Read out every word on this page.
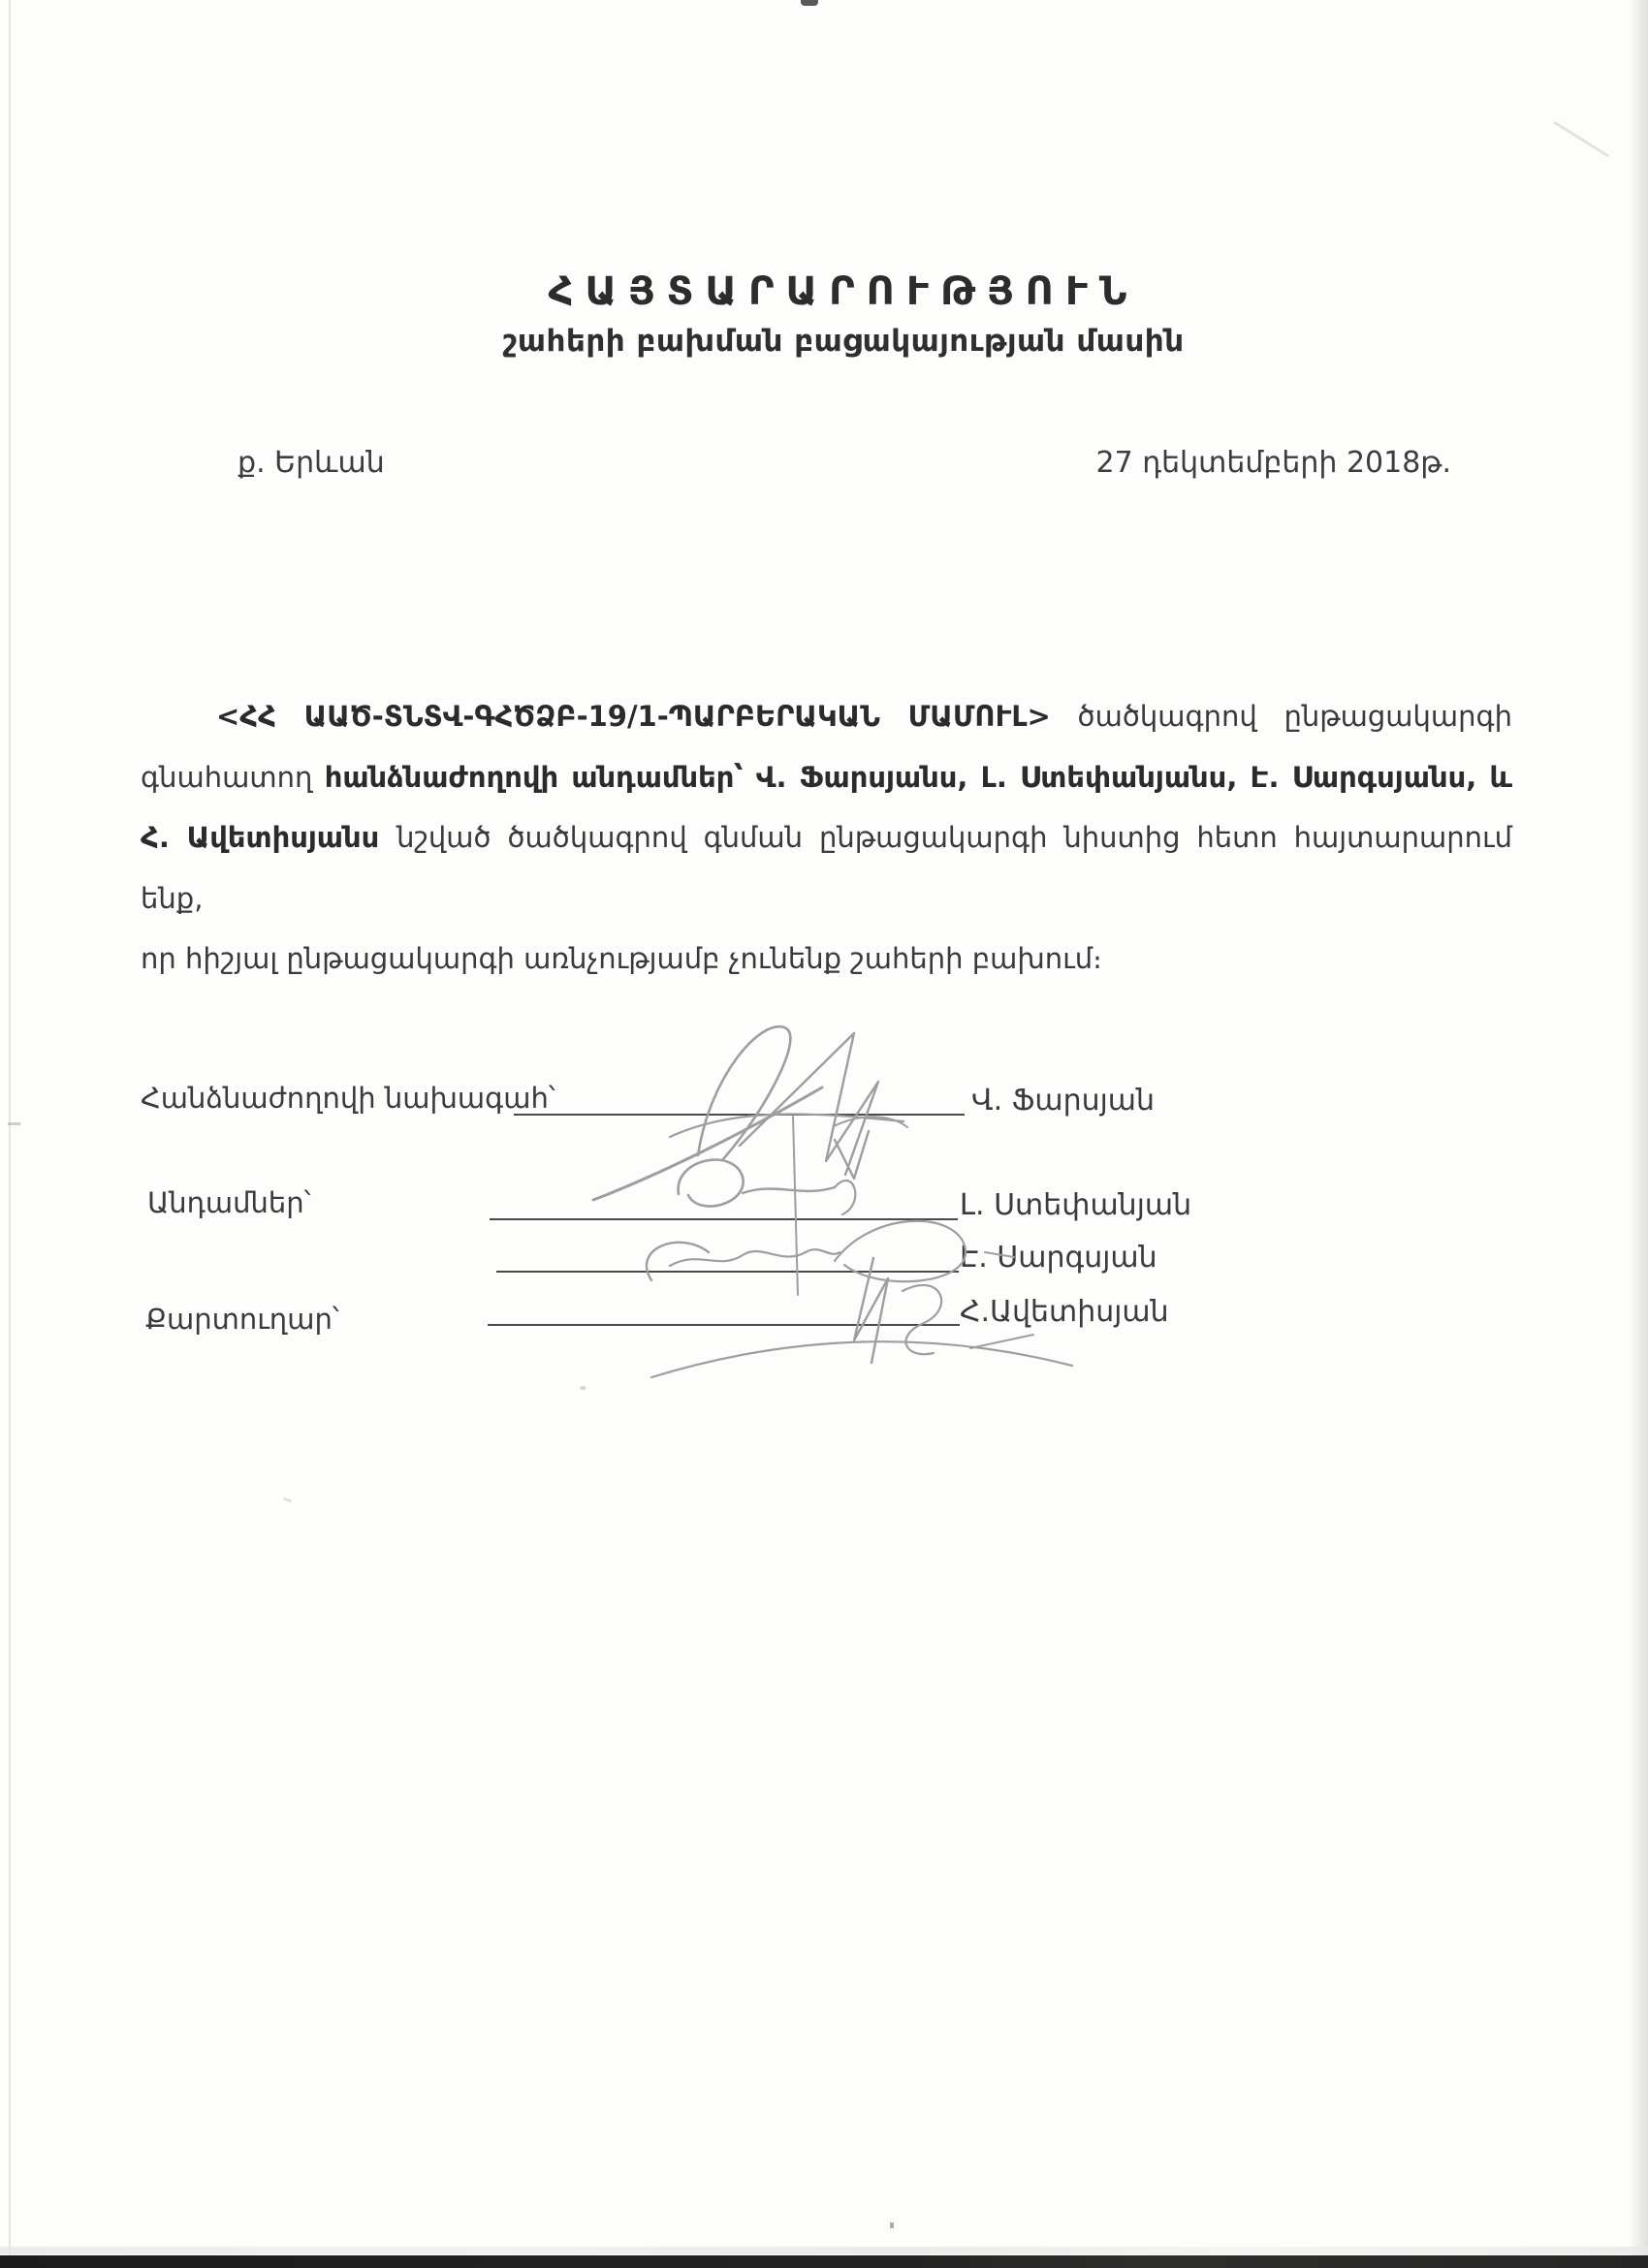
ՀԱՅՏԱՐԱՐՈՒԹՅՈՒՆ
շահերի բախման բացակայության մասին
ք. Երևան	27 դեկտեմբերի 2018թ.
<ՀՀ ԱԱԾ-ՏՆՏՎ-ԳՀԾՁԲ-19/1-ՊԱՐԲԵՐԱԿԱՆ ՄԱՄՈՒԼ> ծածկագրով ընթացակարգի
գնահատող հանձնաժողովի անդամներ՝ Վ. Ֆարսյանս, Լ. Ստեփանյանս, Է. Սարգսյանս, և
Հ. Ավետիսյանս նշված ծածկագրով գնման ընթացակարգի նիստից հետո հայտարարում ենք,
որ հիշյալ ընթացակարգի առնչությամբ չունենք շահերի բախում։
Հանձնաժողովի նախագահ՝	Վ. Ֆարսյան
Անդամներ՝	Լ. Ստեփանյան
Է. Սարգսյան
Քարտուղար՝	Հ.Ավետիսյան
